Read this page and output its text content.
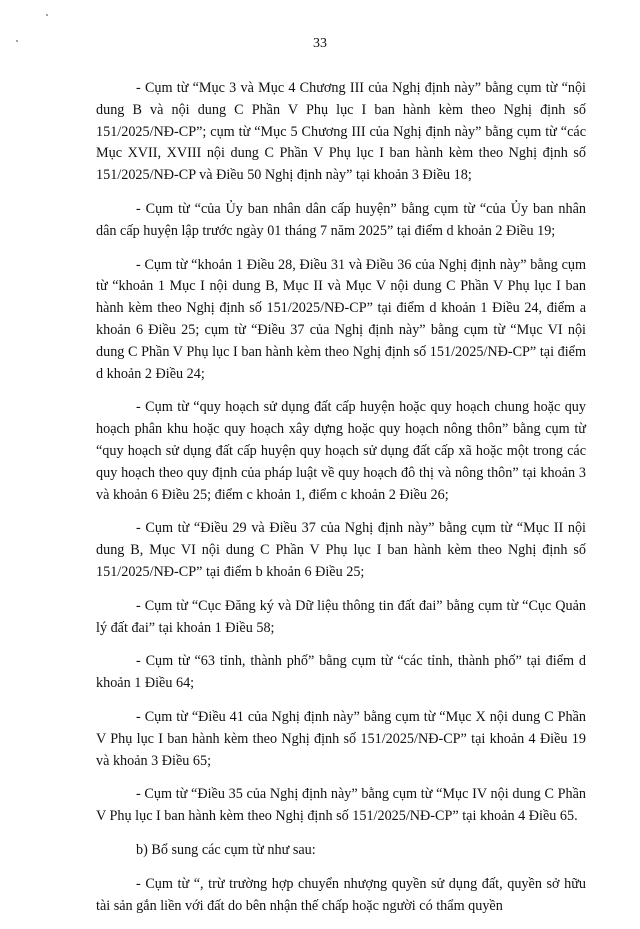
33

- Cụm từ “Mục 3 và Mục 4 Chương III của Nghị định này” bằng cụm từ “nội dung B và nội dung C Phần V Phụ lục I ban hành kèm theo Nghị định số 151/2025/NĐ-CP”; cụm từ “Mục 5 Chương III của Nghị định này” bằng cụm từ “các Mục XVII, XVIII nội dung C Phần V Phụ lục I ban hành kèm theo Nghị định số 151/2025/NĐ-CP và Điều 50 Nghị định này” tại khoản 3 Điều 18;

- Cụm từ “của Ủy ban nhân dân cấp huyện” bằng cụm từ “của Ủy ban nhân dân cấp huyện lập trước ngày 01 tháng 7 năm 2025” tại điểm d khoản 2 Điều 19;

- Cụm từ “khoản 1 Điều 28, Điều 31 và Điều 36 của Nghị định này” bằng cụm từ “khoản 1 Mục I nội dung B, Mục II và Mục V nội dung C Phần V Phụ lục I ban hành kèm theo Nghị định số 151/2025/NĐ-CP” tại điểm d khoản 1 Điều 24, điểm a khoản 6 Điều 25; cụm từ “Điều 37 của Nghị định này” bằng cụm từ “Mục VI nội dung C Phần V Phụ lục I ban hành kèm theo Nghị định số 151/2025/NĐ-CP” tại điểm d khoản 2 Điều 24;

- Cụm từ “quy hoạch sử dụng đất cấp huyện hoặc quy hoạch chung hoặc quy hoạch phân khu hoặc quy hoạch xây dựng hoặc quy hoạch nông thôn” bằng cụm từ “quy hoạch sử dụng đất cấp huyện quy hoạch sử dụng đất cấp xã hoặc một trong các quy hoạch theo quy định của pháp luật về quy hoạch đô thị và nông thôn” tại khoản 3 và khoản 6 Điều 25; điểm c khoản 1, điểm c khoản 2 Điều 26;

- Cụm từ “Điều 29 và Điều 37 của Nghị định này” bằng cụm từ “Mục II nội dung B, Mục VI nội dung C Phần V Phụ lục I ban hành kèm theo Nghị định số 151/2025/NĐ-CP” tại điểm b khoản 6 Điều 25;

- Cụm từ “Cục Đăng ký và Dữ liệu thông tin đất đai” bằng cụm từ “Cục Quản lý đất đai” tại khoản 1 Điều 58;

- Cụm từ “63 tỉnh, thành phố” bằng cụm từ “các tỉnh, thành phố” tại điểm d khoản 1 Điều 64;

- Cụm từ “Điều 41 của Nghị định này” bằng cụm từ “Mục X nội dung C Phần V Phụ lục I ban hành kèm theo Nghị định số 151/2025/NĐ-CP” tại khoản 4 Điều 19 và khoản 3 Điều 65;

- Cụm từ “Điều 35 của Nghị định này” bằng cụm từ “Mục IV nội dung C Phần V Phụ lục I ban hành kèm theo Nghị định số 151/2025/NĐ-CP” tại khoản 4 Điều 65.

b) Bổ sung các cụm từ như sau:

- Cụm từ “, trừ trường hợp chuyển nhượng quyền sử dụng đất, quyền sở hữu tài sản gắn liền với đất do bên nhận thế chấp hoặc người có thẩm quyền
